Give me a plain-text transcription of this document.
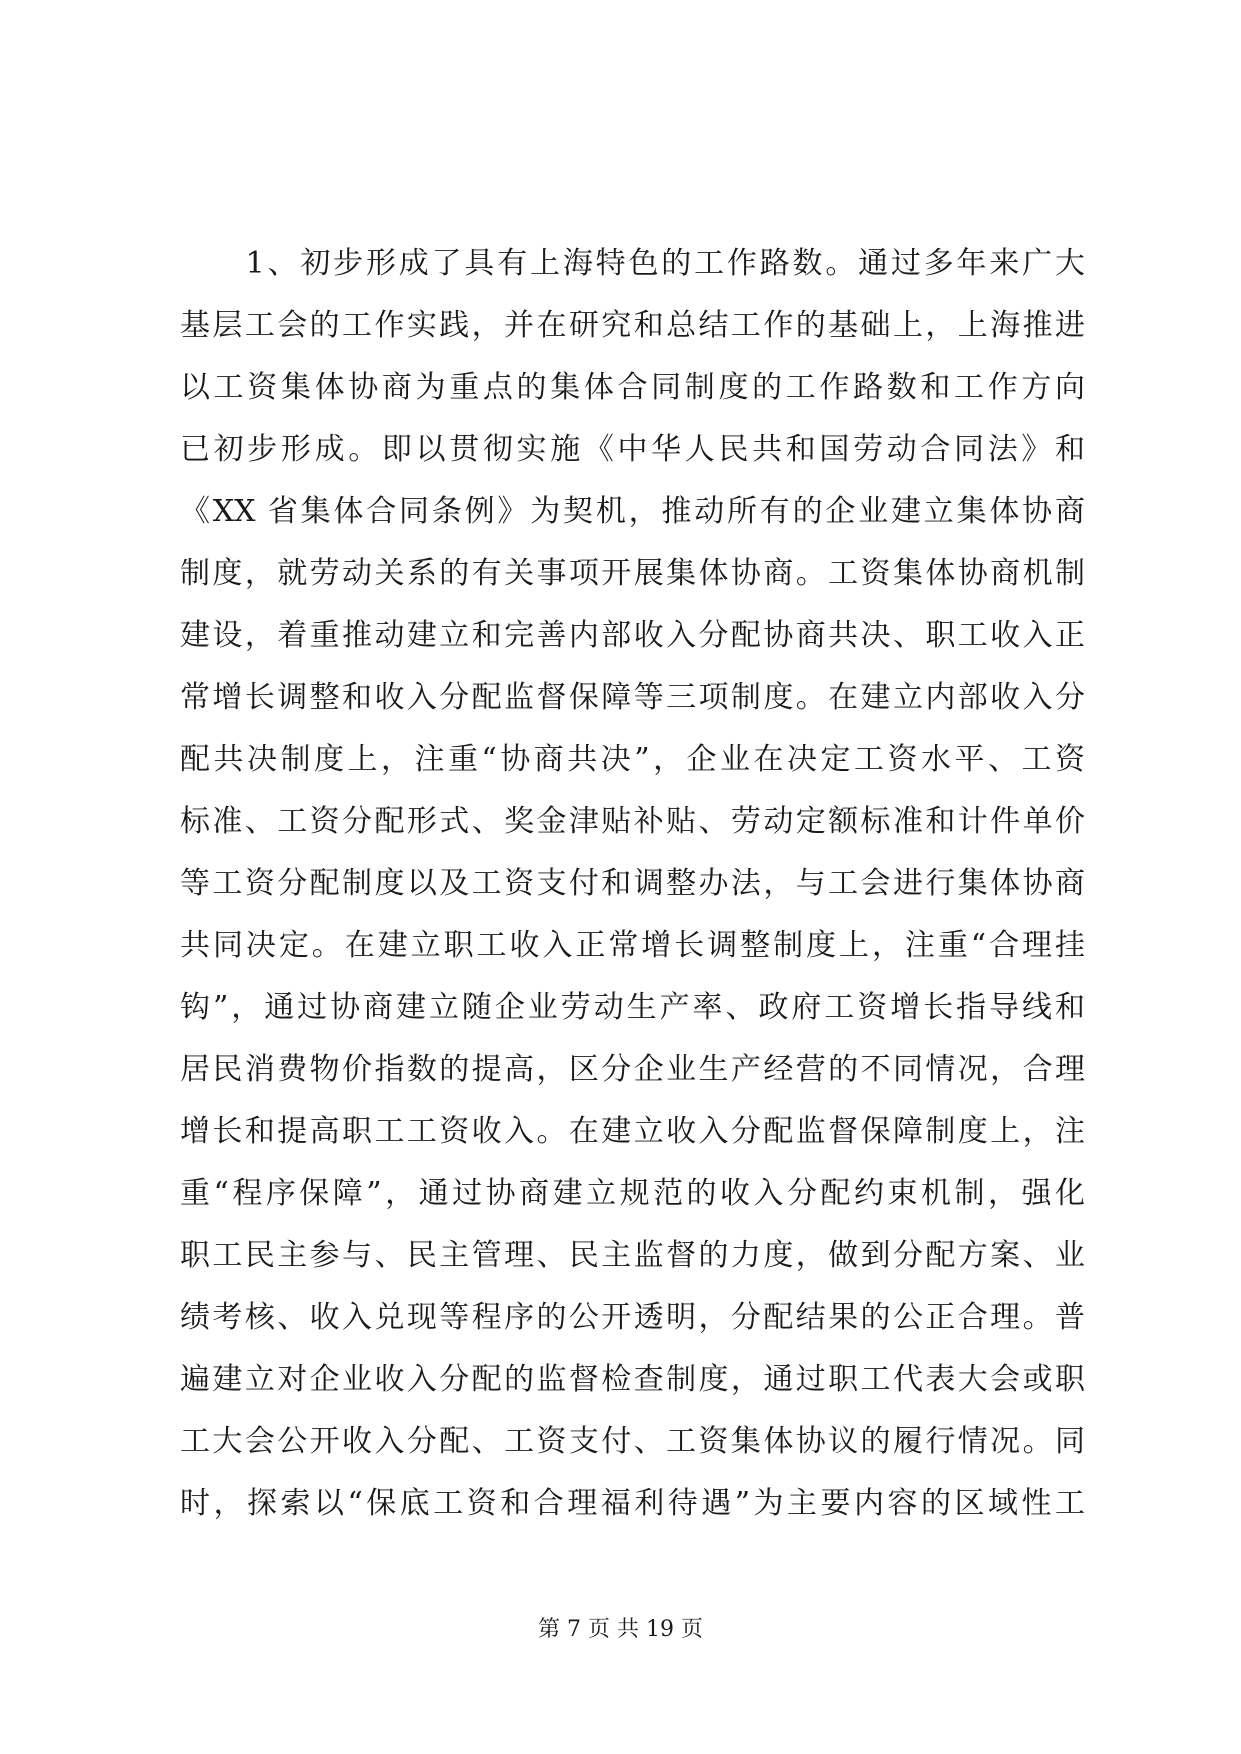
　　1、初步形成了具有上海特色的工作路数。通过多年来广大
基层工会的工作实践，并在研究和总结工作的基础上，上海推进
以工资集体协商为重点的集体合同制度的工作路数和工作方向
已初步形成。即以贯彻实施《中华人民共和国劳动合同法》和
《XX 省集体合同条例》为契机，推动所有的企业建立集体协商
制度，就劳动关系的有关事项开展集体协商。工资集体协商机制
建设，着重推动建立和完善内部收入分配协商共决、职工收入正
常增长调整和收入分配监督保障等三项制度。在建立内部收入分
配共决制度上，注重“协商共决”，企业在决定工资水平、工资
标准、工资分配形式、奖金津贴补贴、劳动定额标准和计件单价
等工资分配制度以及工资支付和调整办法，与工会进行集体协商
共同决定。在建立职工收入正常增长调整制度上，注重“合理挂
钩”，通过协商建立随企业劳动生产率、政府工资增长指导线和
居民消费物价指数的提高，区分企业生产经营的不同情况，合理
增长和提高职工工资收入。在建立收入分配监督保障制度上，注
重“程序保障”，通过协商建立规范的收入分配约束机制，强化
职工民主参与、民主管理、民主监督的力度，做到分配方案、业
绩考核、收入兑现等程序的公开透明，分配结果的公正合理。普
遍建立对企业收入分配的监督检查制度，通过职工代表大会或职
工大会公开收入分配、工资支付、工资集体协议的履行情况。同
时，探索以“保底工资和合理福利待遇”为主要内容的区域性工
第 7 页 共 19 页
